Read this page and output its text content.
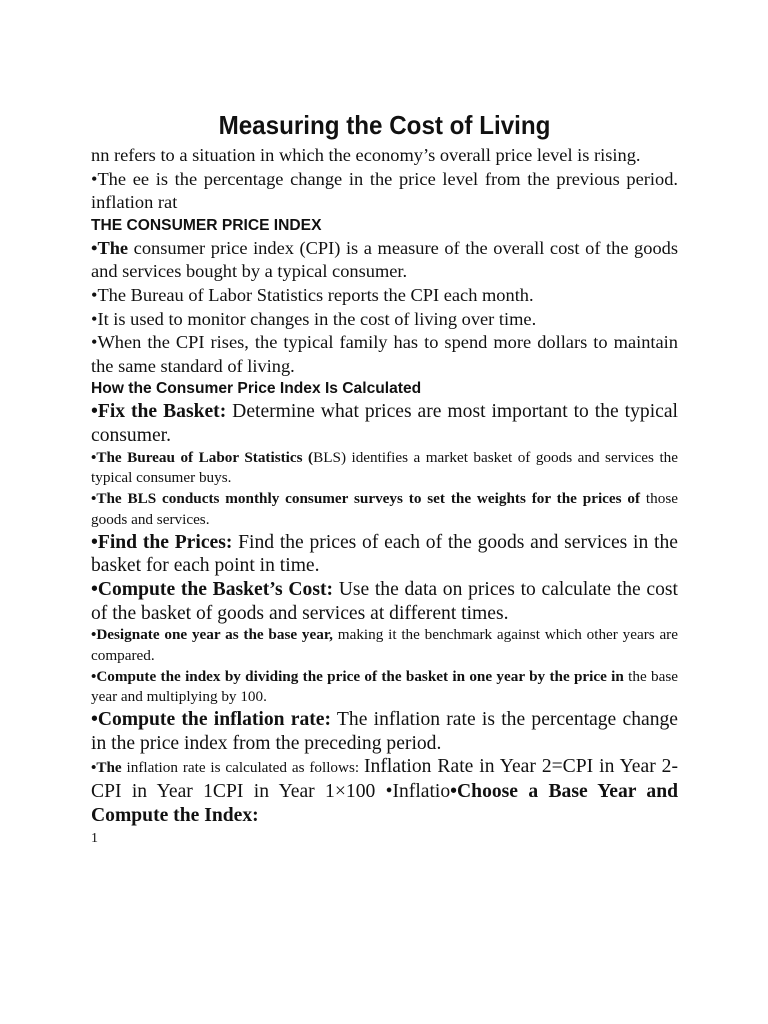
Measuring the Cost of Living

nn refers to a situation in which the economy’s overall price level is rising.

•The ee is the percentage change in the price level from the previous period. inflation rat

THE CONSUMER PRICE INDEX

•The consumer price index (CPI) is a measure of the overall cost of the goods and services bought by a typical consumer.

•The Bureau of Labor Statistics reports the CPI each month.

•It is used to monitor changes in the cost of living over time.

•When the CPI rises, the typical family has to spend more dollars to maintain the same standard of living.

How the Consumer Price Index Is Calculated

•Fix the Basket: Determine what prices are most important to the typical consumer.

•The Bureau of Labor Statistics (BLS) identifies a market basket of goods and services the typical consumer buys.

•The BLS conducts monthly consumer surveys to set the weights for the prices of those goods and services.

•Find the Prices: Find the prices of each of the goods and services in the basket for each point in time.

•Compute the Basket’s Cost: Use the data on prices to calculate the cost of the basket of goods and services at different times.

•Designate one year as the base year, making it the benchmark against which other years are compared.

•Compute the index by dividing the price of the basket in one year by the price in the base year and multiplying by 100.

•Compute the inflation rate: The inflation rate is the percentage change in the price index from the preceding period.

•The inflation rate is calculated as follows: Inflation Rate in Year 2=CPI in Year 2-CPI in Year 1CPI in Year 1×100 •Inflatio•Choose a Base Year and Compute the Index:

1
